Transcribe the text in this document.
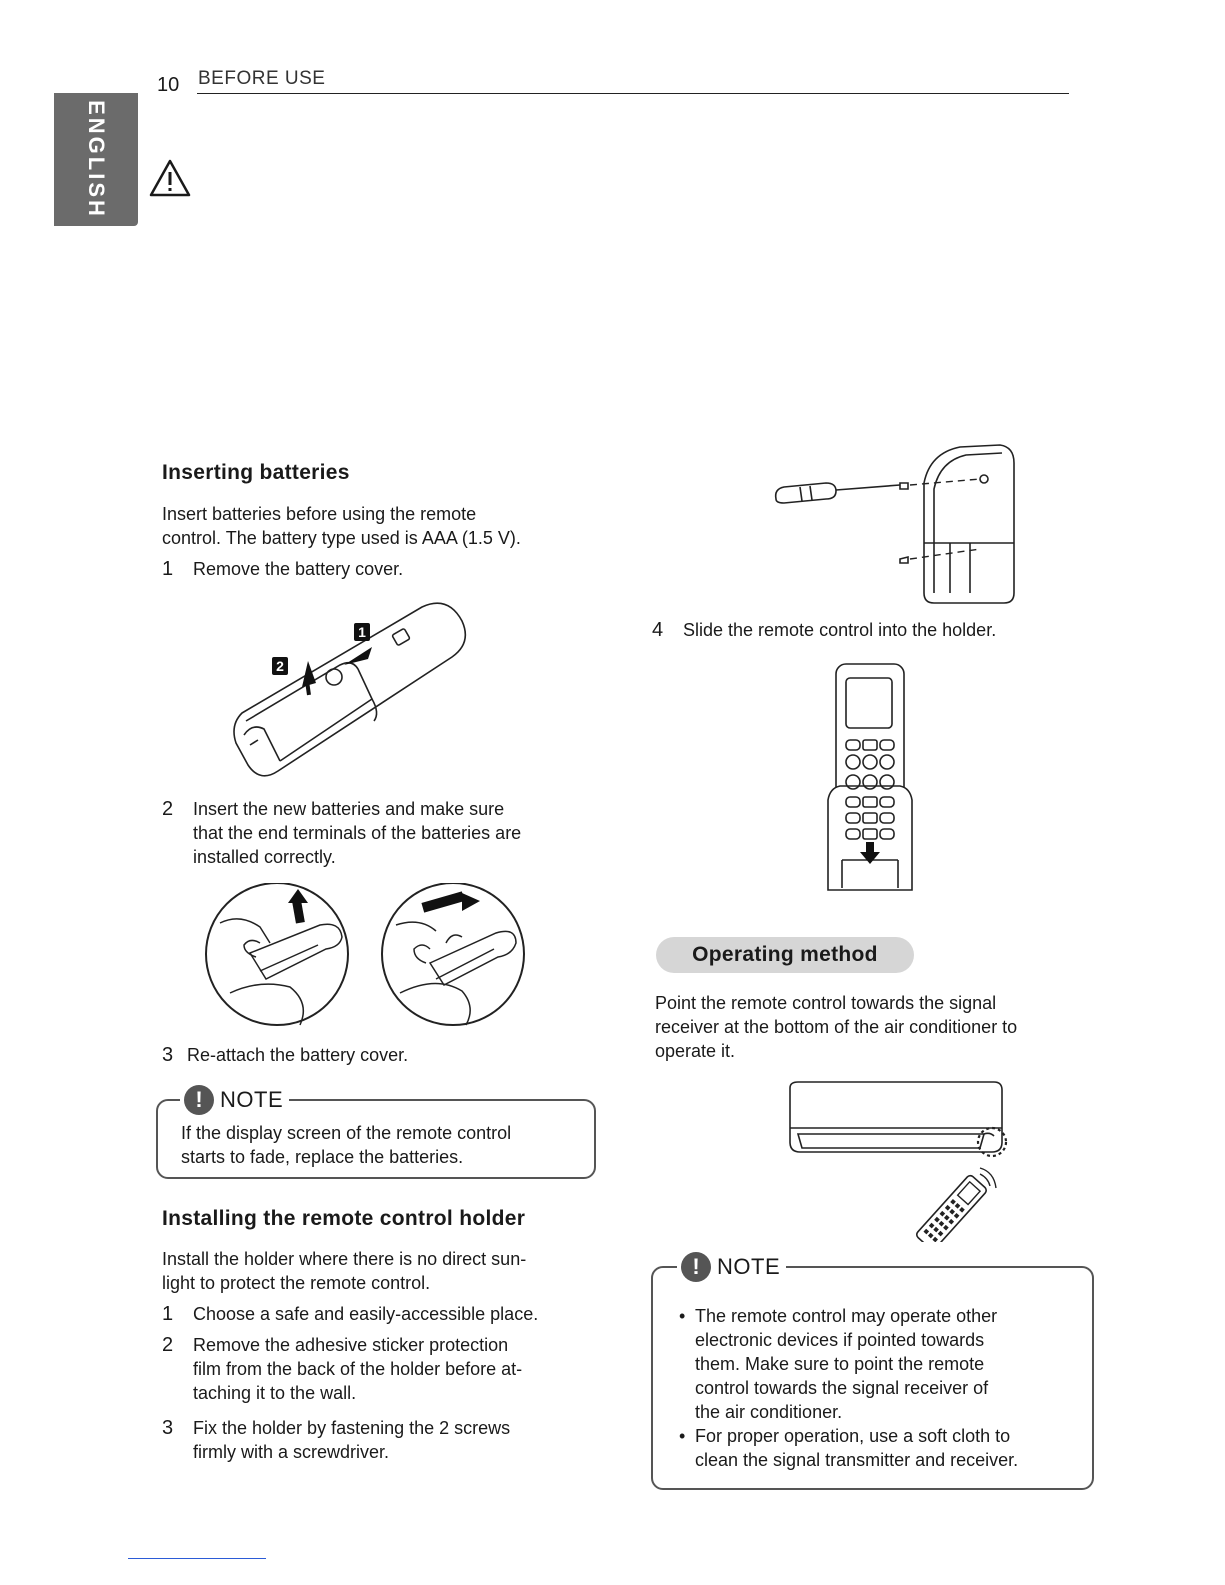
10 BEFORE USE
ENGLISH
Inserting batteries

Insert batteries before using the remote

control. The battery type used is AAA (1.5 V).

1 Remove the battery cover.
1
2
2 Insert the new batteries and make sure
that the end terminals of the batteries are
installed correctly.
3 Re-attach the battery cover.
! NOTE

If the display screen of the remote control

starts to fade, replace the batteries.

Installing the remote control holder

Install the holder where there is no direct sun-

light to protect the remote control.

1 Choose a safe and easily-accessible place.
2 Remove the adhesive sticker protection
film from the back of the holder before at-
taching it to the wall.
3 Fix the holder by fastening the 2 screws
firmly with a screwdriver.
4 Slide the remote control into the holder.
Operating method

Point the remote control towards the signal

receiver at the bottom of the air conditioner to

operate it.

! NOTE
• The remote control may operate other
electronic devices if pointed towards
them. Make sure to point the remote
control towards the signal receiver of
the air conditioner.
• For proper operation, use a soft cloth to
clean the signal transmitter and receiver.
